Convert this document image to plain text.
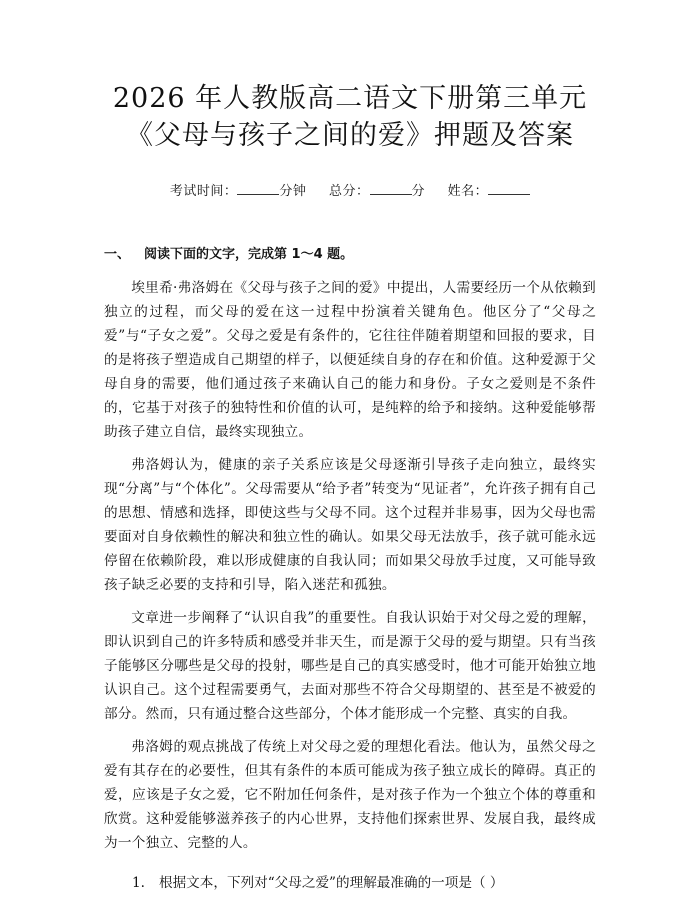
2026 年人教版高二语文下册第三单元《父母与孩子之间的爱》押题及答案
考试时间：	分钟 总分：	分 姓名：
一、 阅读下面的文字，完成第 1～4 题。

埃里希·弗洛姆在《父母与孩子之间的爱》中提出，人需要经历一个从依赖到独立的过程，而父母的爱在这一过程中扮演着关键角色。他区分了“父母之爱”与“子女之爱”。父母之爱是有条件的，它往往伴随着期望和回报的要求，目的是将孩子塑造成自己期望的样子，以便延续自身的存在和价值。这种爱源于父母自身的需要，他们通过孩子来确认自己的能力和身份。子女之爱则是不条件的，它基于对孩子的独特性和价值的认可，是纯粹的给予和接纳。这种爱能够帮助孩子建立自信，最终实现独立。

弗洛姆认为，健康的亲子关系应该是父母逐渐引导孩子走向独立，最终实现“分离”与“个体化”。父母需要从“给予者”转变为“见证者”，允许孩子拥有自己的思想、情感和选择，即使这些与父母不同。这个过程并非易事，因为父母也需要面对自身依赖性的解决和独立性的确认。如果父母无法放手，孩子就可能永远停留在依赖阶段，难以形成健康的自我认同；而如果父母放手过度，又可能导致孩子缺乏必要的支持和引导，陷入迷茫和孤独。

文章进一步阐释了“认识自我”的重要性。自我认识始于对父母之爱的理解，即认识到自己的许多特质和感受并非天生，而是源于父母的爱与期望。只有当孩子能够区分哪些是父母的投射，哪些是自己的真实感受时，他才可能开始独立地认识自己。这个过程需要勇气，去面对那些不符合父母期望的、甚至是不被爱的部分。然而，只有通过整合这些部分，个体才能形成一个完整、真实的自我。

弗洛姆的观点挑战了传统上对父母之爱的理想化看法。他认为，虽然父母之爱有其存在的必要性，但其有条件的本质可能成为孩子独立成长的障碍。真正的爱，应该是子女之爱，它不附加任何条件，是对孩子作为一个独立个体的尊重和欣赏。这种爱能够滋养孩子的内心世界，支持他们探索世界、发展自我，最终成为一个独立、完整的人。

1. 根据文本，下列对“父母之爱”的理解最准确的一项是（ ）
